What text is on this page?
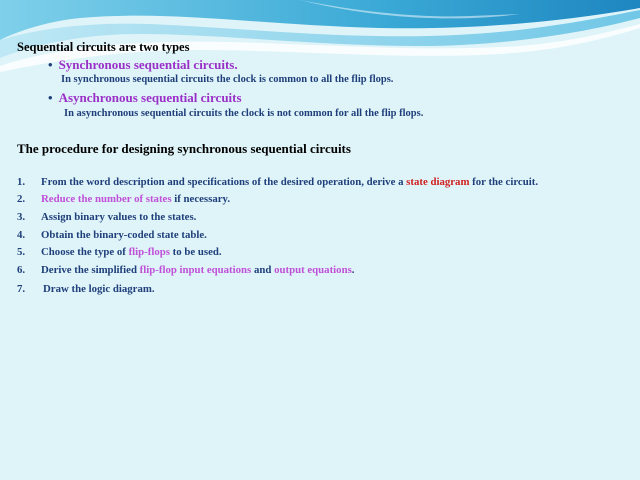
Sequential circuits are two types
• Synchronous sequential circuits.
In synchronous sequential circuits the clock is common to all the flip flops.
• Asynchronous sequential circuits
In asynchronous sequential circuits the clock is not common for all the flip flops.
The procedure for designing synchronous sequential circuits
1. From the word description and specifications of the desired operation, derive a state diagram for the circuit.
2. Reduce the number of states if necessary.
3. Assign binary values to the states.
4. Obtain the binary-coded state table.
5. Choose the type of flip-flops to be used.
6. Derive the simplified flip-flop input equations and output equations.
7. Draw the logic diagram.
